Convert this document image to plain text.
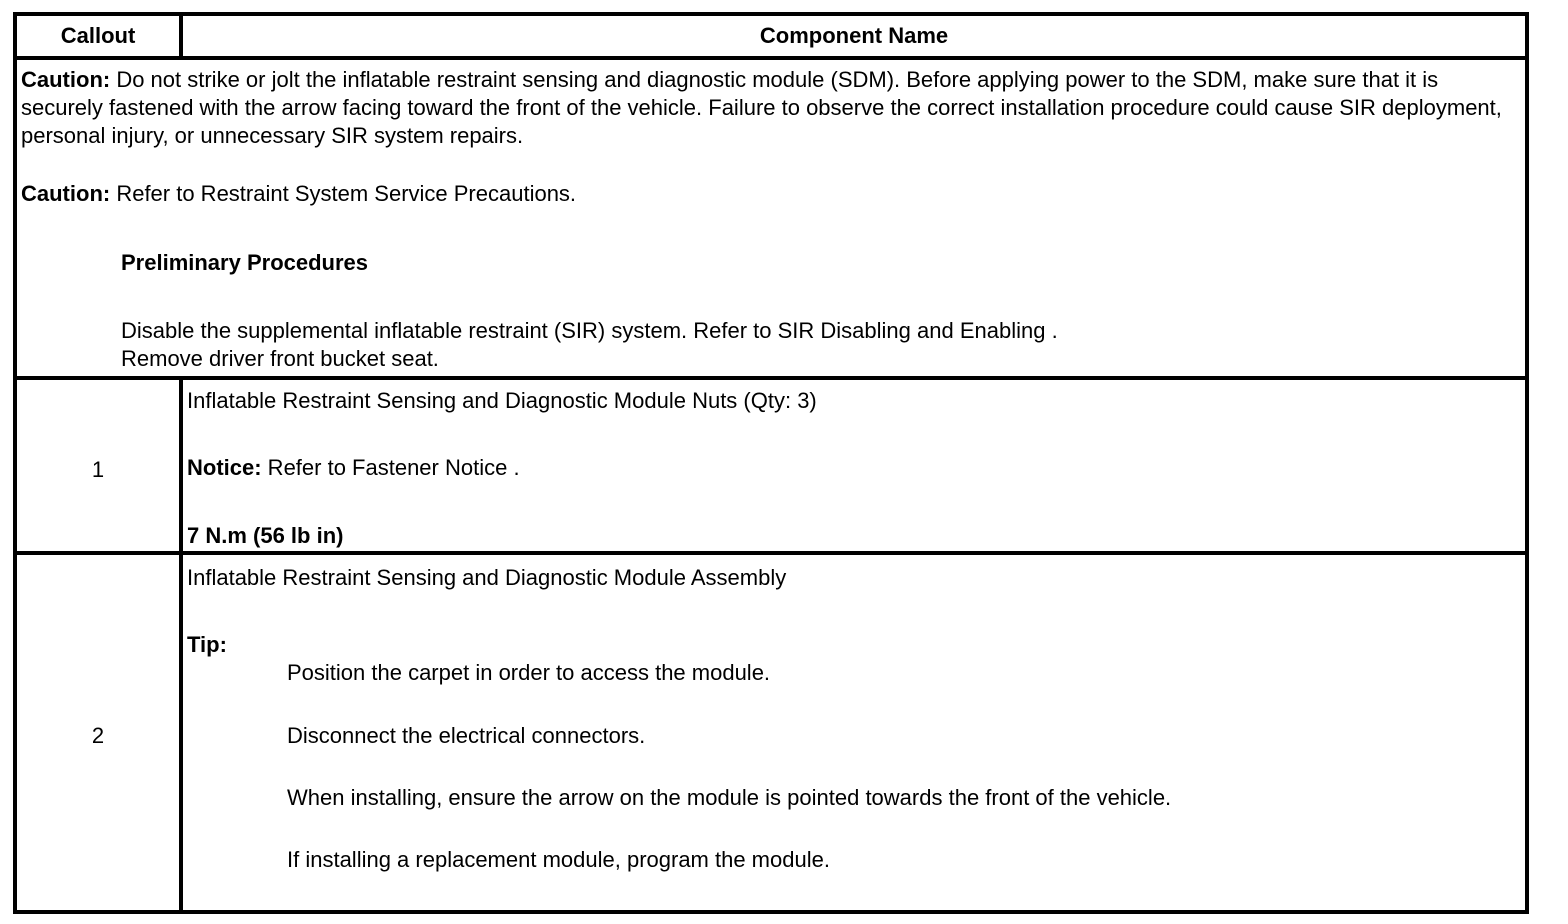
Callout	Component Name

Caution: Do not strike or jolt the inflatable restraint sensing and diagnostic module (SDM). Before applying power to the SDM, make sure that it is securely fastened with the arrow facing toward the front of the vehicle. Failure to observe the correct installation procedure could cause SIR deployment, personal injury, or unnecessary SIR system repairs.

Caution: Refer to Restraint System Service Precautions.

Preliminary Procedures
Disable the supplemental inflatable restraint (SIR) system. Refer to SIR Disabling and Enabling .
Remove driver front bucket seat.
1
Inflatable Restraint Sensing and Diagnostic Module Nuts (Qty: 3)
Notice: Refer to Fastener Notice .
7 N.m (56 lb in)
2
Inflatable Restraint Sensing and Diagnostic Module Assembly
Tip:
Position the carpet in order to access the module.
Disconnect the electrical connectors.
When installing, ensure the arrow on the module is pointed towards the front of the vehicle.
If installing a replacement module, program the module.
